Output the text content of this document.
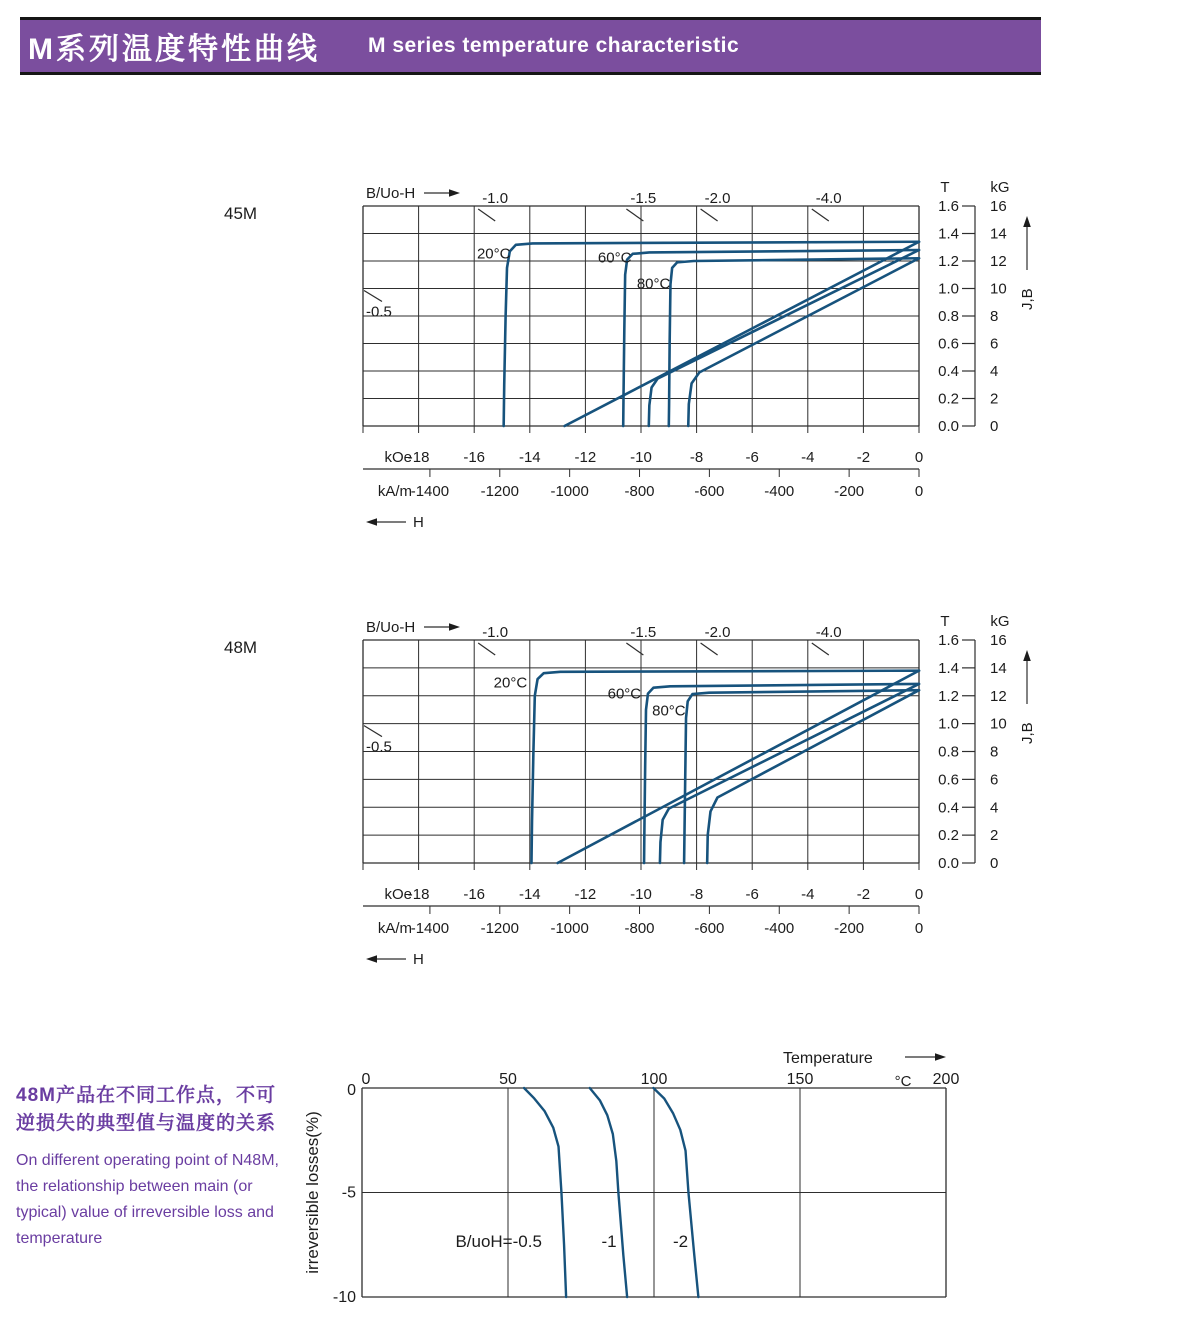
M系列温度特性曲线 M series temperature characteristic
45M
B/Uo-H	-1.0	-1.5	-2.0	-4.0
-0.5
kOe
-18 -16 -14 -12 -10	-8	-6	-4	-2	0
-1400 -1200 -1000 -800	-600	-400	-200	0
kA/m
H
T	kG
1.6 16
1.4 14
1.2 12
1.0 10
0.8 8
0.6 6
0.4 4
0.2 2
0.0 0
J,B
20°C	60°C
80°C
48M
B/Uo-H	-1.0	-1.5	-2.0	-4.0
-0.5
kOe
-18 -16 -14 -12 -10	-8	-6	-4	-2	0
-1400 -1200 -1000 -800	-600	-400	-200	0
kA/m
H
T	kG
1.6 16
1.4 14
1.2 12
1.0 10
0.8 8
0.6 6
0.4 4
0.2 2
0.0 0
J,B
20°C
60°C
80°C
Temperature
0	50	100	150	200
°C
0
-5
-10
irreversible losses(%)	B/uoH=-0.5	-1	-2
48M产品在不同工作点，不可
逆损失的典型值与温度的关系
On different operating point of N48M,
the relationship between main (or
typical) value of irreversible loss and
temperature
